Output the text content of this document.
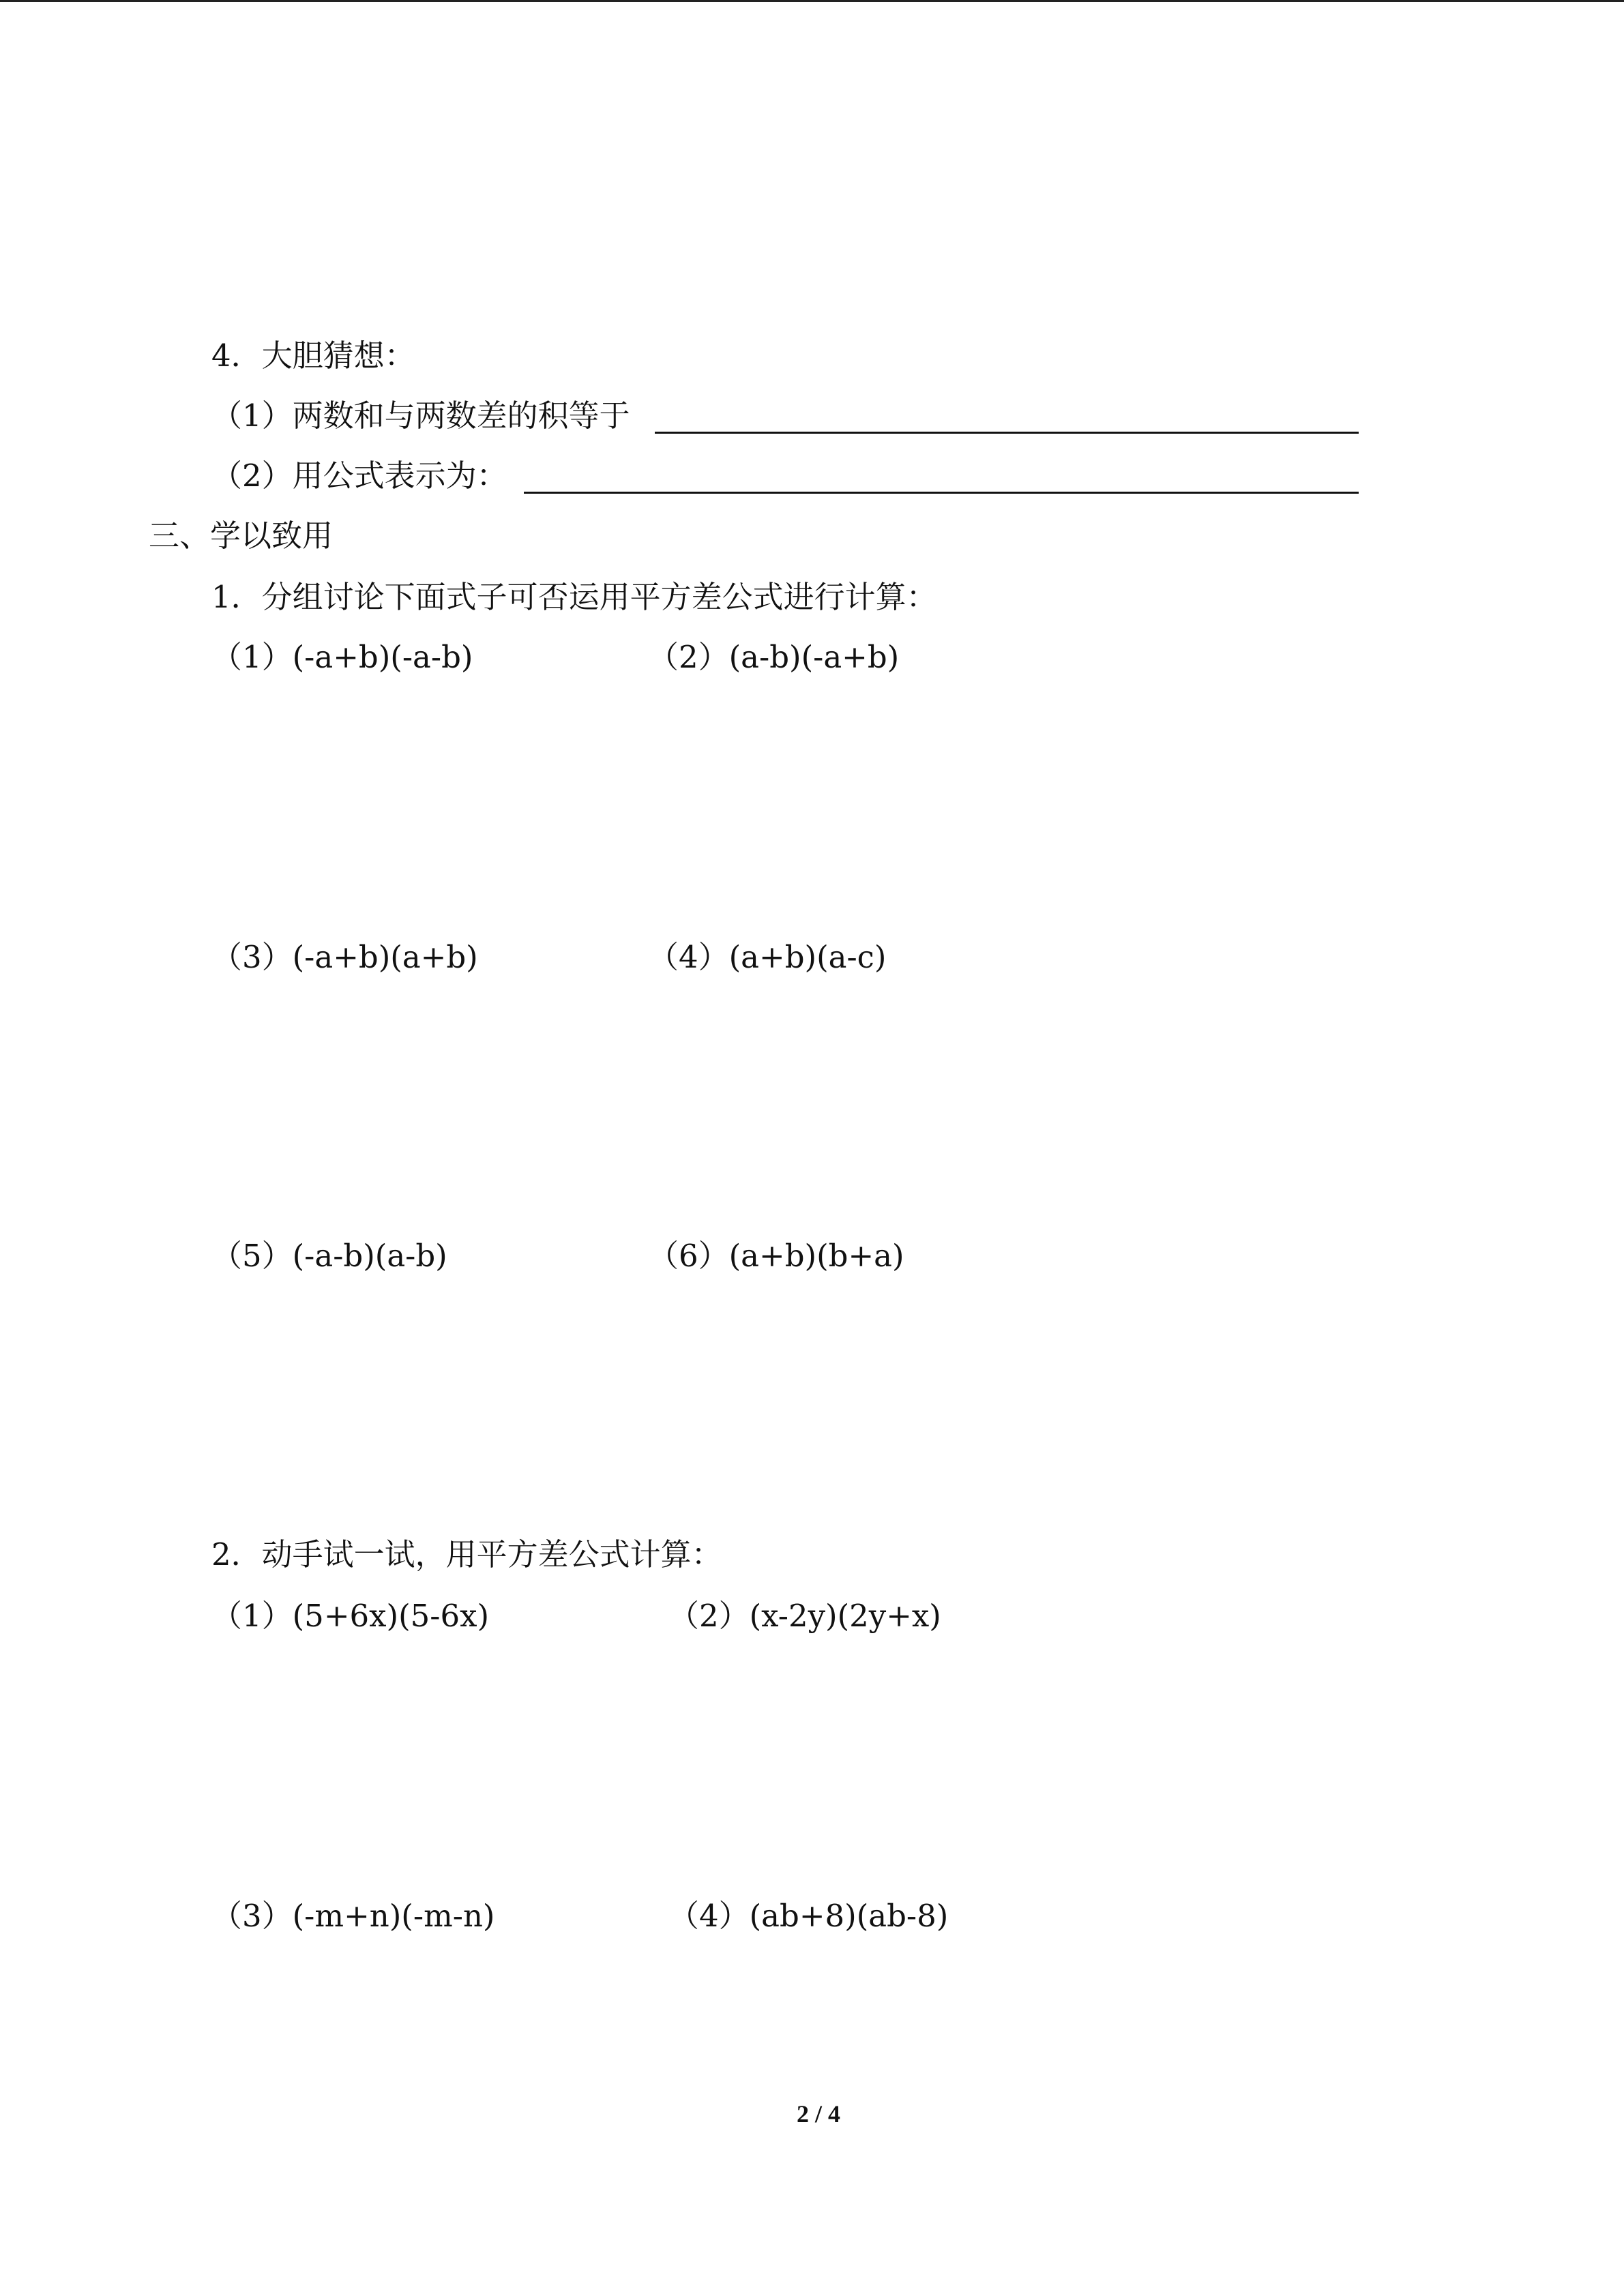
4．大胆猜想：
（1）两数和与两数差的积等于
（2）用公式表示为：
三、学以致用
1．分组讨论下面式子可否运用平方差公式进行计算：
（1）(-a+b)(-a-b)	（2）(a-b)(-a+b)
（3）(-a+b)(a+b)	（4）(a+b)(a-c)
（5）(-a-b)(a-b)	（6）(a+b)(b+a)
2．动手试一试，用平方差公式计算：
（1）(5+6x)(5-6x)	（2）(x-2y)(2y+x)
（3）(-m+n)(-m-n)	（4）(ab+8)(ab-8)
2 / 4
